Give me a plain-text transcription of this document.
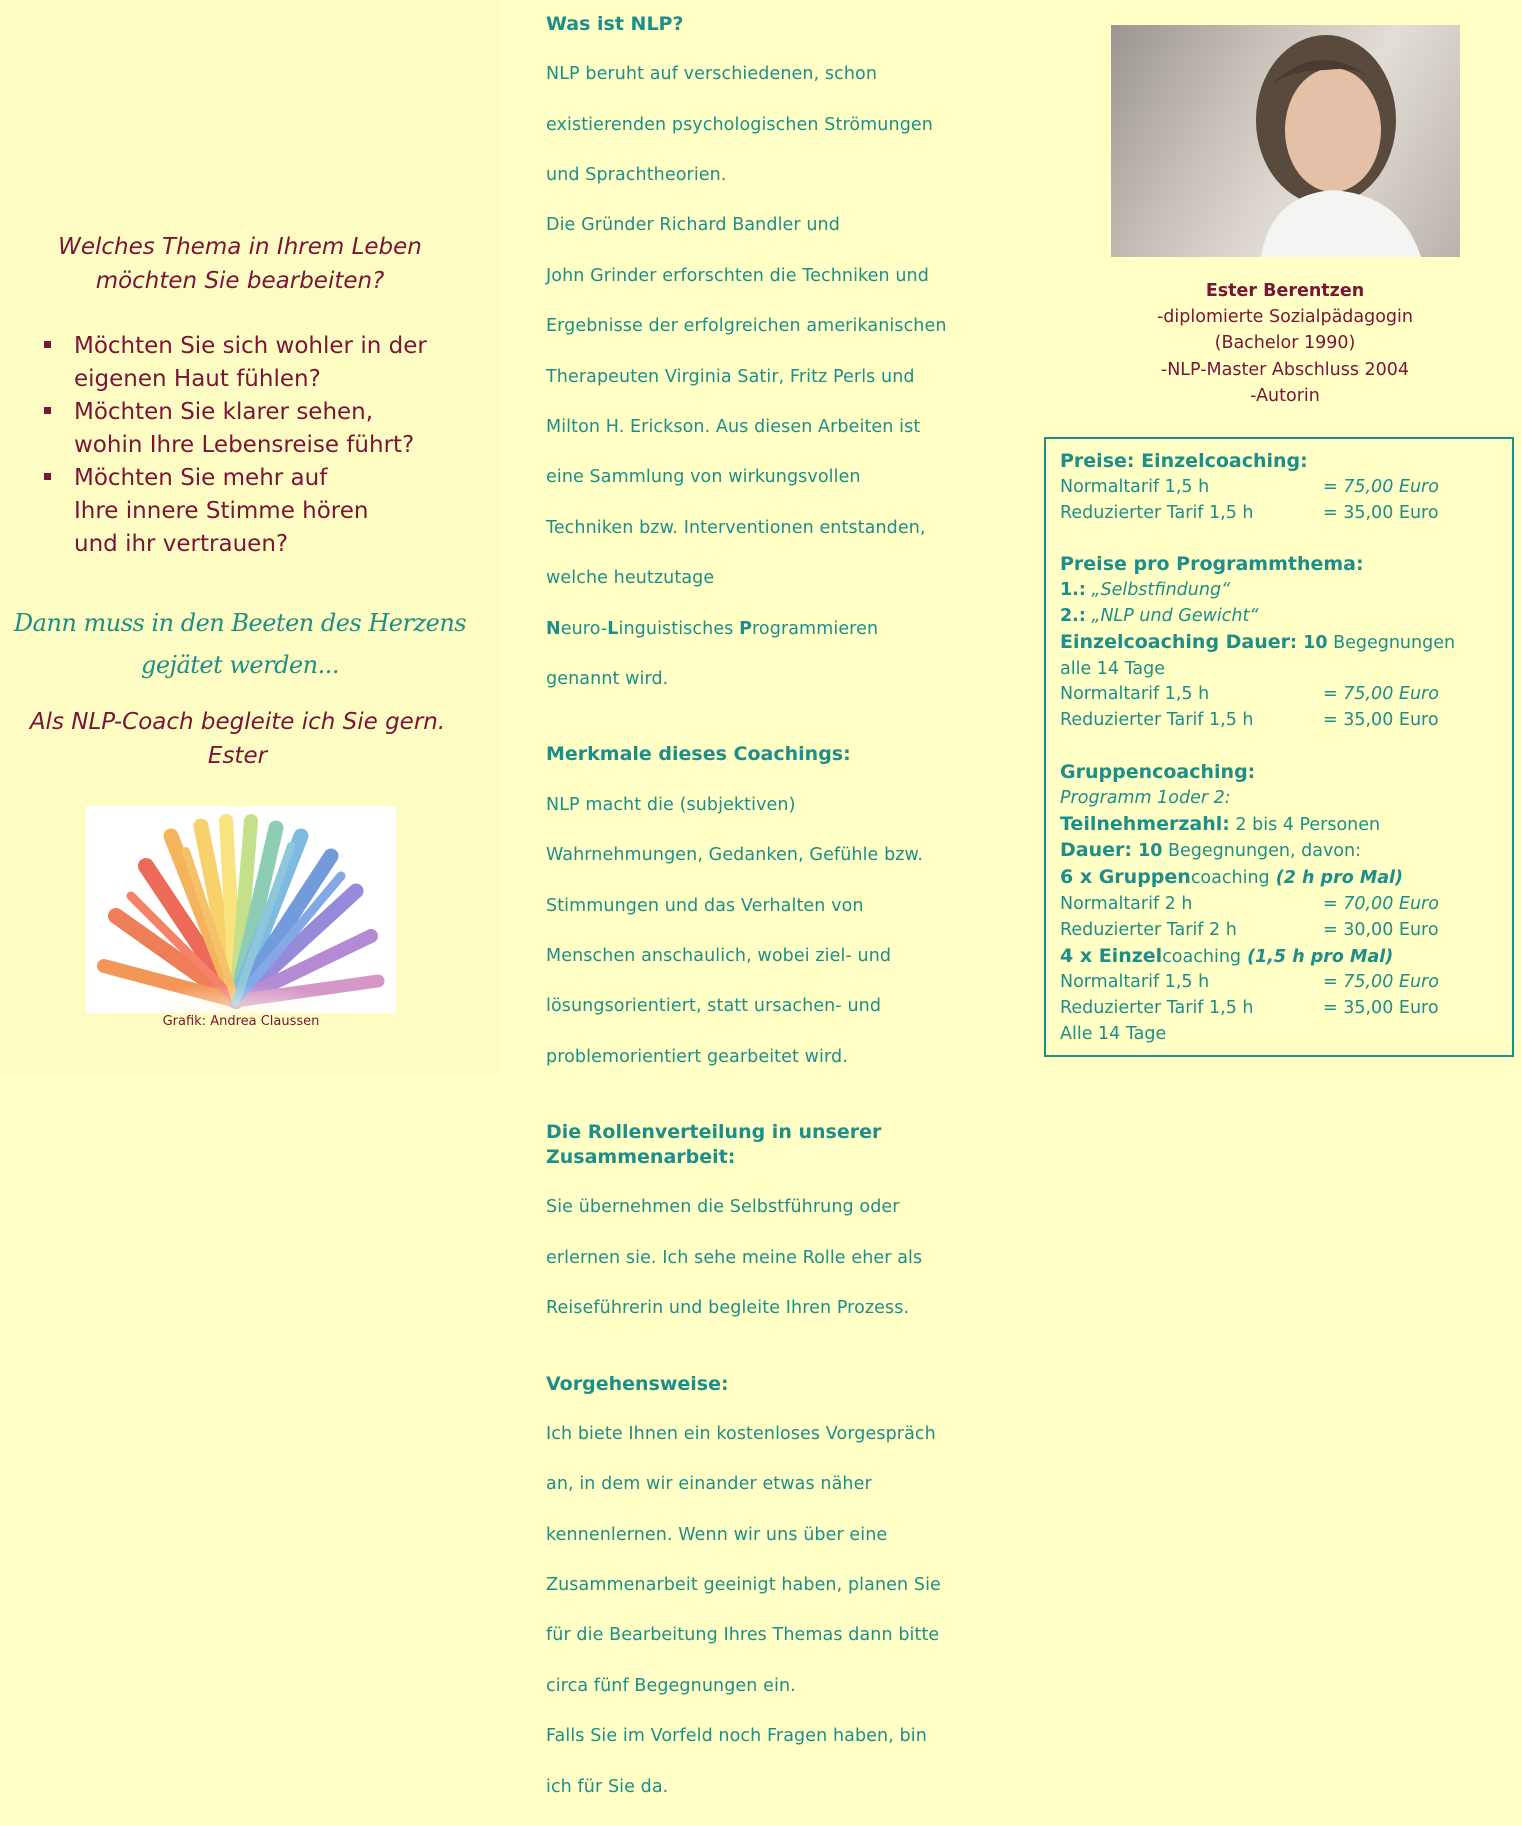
Welches Thema in Ihrem Leben
möchten Sie bearbeiten?
Möchten Sie sich wohler in der
eigenen Haut fühlen?
Möchten Sie klarer sehen,
wohin Ihre Lebensreise führt?
Möchten Sie mehr auf
Ihre innere Stimme hören
und ihr vertrauen?
Dann muss in den Beeten des Herzens
gejätet werden...
Als NLP-Coach begleite ich Sie gern.
Ester
Grafik: Andrea Claussen

Was ist NLP?

NLP beruht auf verschiedenen, schon

existierenden psychologischen Strömungen

und Sprachtheorien.

Die Gründer Richard Bandler und

John Grinder erforschten die Techniken und

Ergebnisse der erfolgreichen amerikanischen

Therapeuten Virginia Satir, Fritz Perls und

Milton H. Erickson. Aus diesen Arbeiten ist

eine Sammlung von wirkungsvollen

Techniken bzw. Interventionen entstanden,

welche heutzutage

Neuro-Linguistisches Programmieren

genannt wird.

Merkmale dieses Coachings:

NLP macht die (subjektiven)

Wahrnehmungen, Gedanken, Gefühle bzw.

Stimmungen und das Verhalten von

Menschen anschaulich, wobei ziel- und

lösungsorientiert, statt ursachen- und

problemorientiert gearbeitet wird.

Die Rollenverteilung in unserer
Zusammenarbeit:

Sie übernehmen die Selbstführung oder

erlernen sie. Ich sehe meine Rolle eher als

Reiseführerin und begleite Ihren Prozess.

Vorgehensweise:

Ich biete Ihnen ein kostenloses Vorgespräch

an, in dem wir einander etwas näher

kennenlernen. Wenn wir uns über eine

Zusammenarbeit geeinigt haben, planen Sie

für die Bearbeitung Ihres Themas dann bitte

circa fünf Begegnungen ein.

Falls Sie im Vorfeld noch Fragen haben, bin

ich für Sie da.

Ester Berentzen
-diplomierte Sozialpädagogin
(Bachelor 1990)
-NLP-Master Abschluss 2004
-Autorin
Preise: Einzelcoaching:
Normaltarif 1,5 h	= 75,00 Euro
Reduzierter Tarif 1,5 h	= 35,00 Euro
Preise pro Programmthema:
1.: „Selbstfindung“
2.: „NLP und Gewicht“
Einzelcoaching Dauer: 10 Begegnungen
alle 14 Tage
Normaltarif 1,5 h	= 75,00 Euro
Reduzierter Tarif 1,5 h	= 35,00 Euro
Gruppencoaching:
Programm 1oder 2:
Teilnehmerzahl: 2 bis 4 Personen
Dauer: 10 Begegnungen, davon:
6 x Gruppencoaching (2 h pro Mal)
Normaltarif 2 h	= 70,00 Euro
Reduzierter Tarif 2 h	= 30,00 Euro
4 x Einzelcoaching (1,5 h pro Mal)
Normaltarif 1,5 h	= 75,00 Euro
Reduzierter Tarif 1,5 h	= 35,00 Euro
Alle 14 Tage
